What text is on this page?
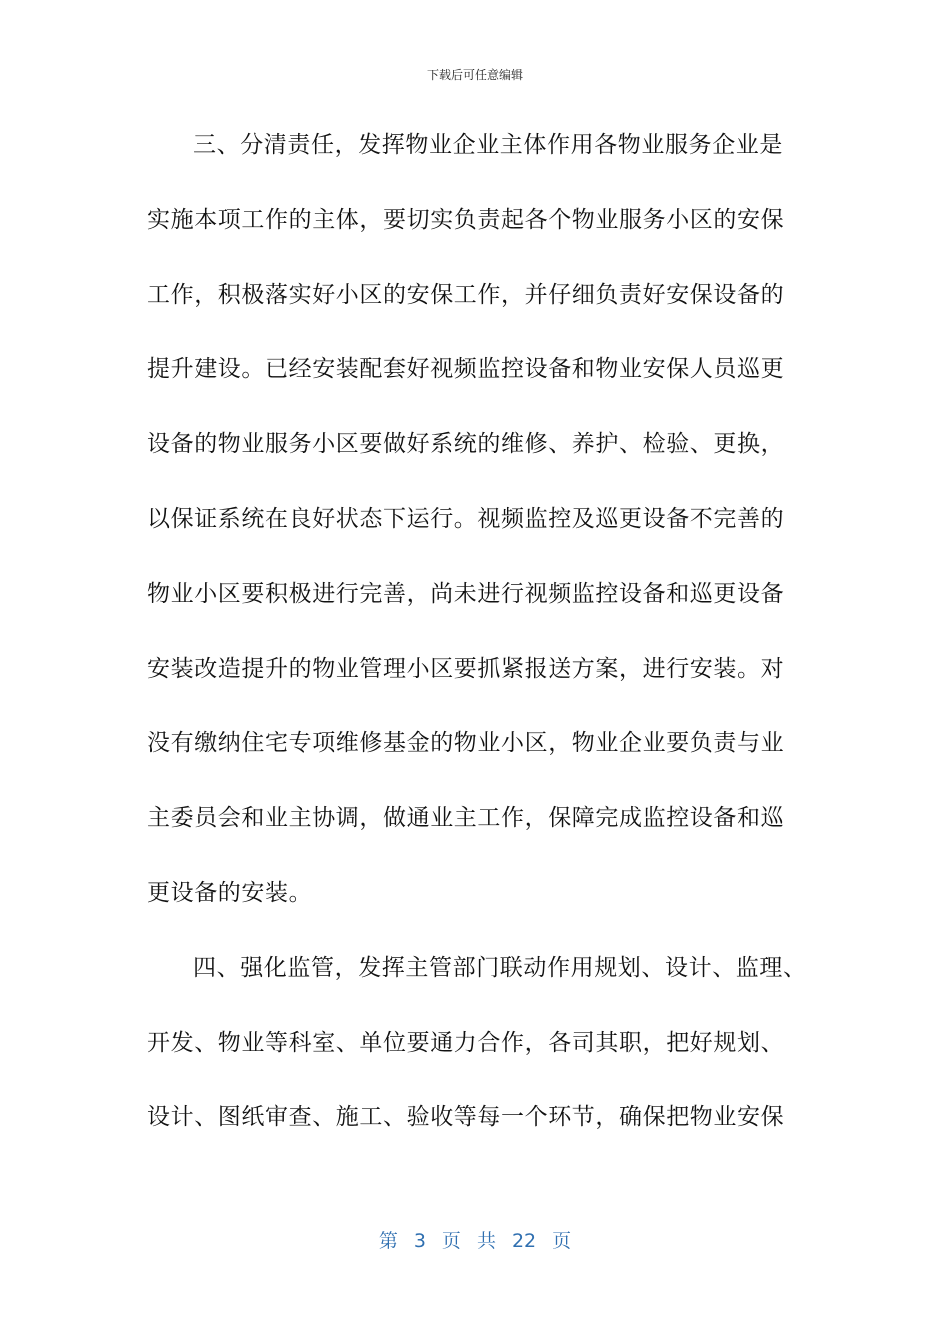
下载后可任意编辑

三、分清责任，发挥物业企业主体作用各物业服务企业是
实施本项工作的主体，要切实负责起各个物业服务小区的安保
工作，积极落实好小区的安保工作，并仔细负责好安保设备的
提升建设。已经安装配套好视频监控设备和物业安保人员巡更
设备的物业服务小区要做好系统的维修、养护、检验、更换，
以保证系统在良好状态下运行。视频监控及巡更设备不完善的
物业小区要积极进行完善，尚未进行视频监控设备和巡更设备
安装改造提升的物业管理小区要抓紧报送方案，进行安装。对
没有缴纳住宅专项维修基金的物业小区，物业企业要负责与业
主委员会和业主协调，做通业主工作，保障完成监控设备和巡
更设备的安装。

四、强化监管，发挥主管部门联动作用规划、设计、监理、
开发、物业等科室、单位要通力合作，各司其职，把好规划、
设计、图纸审查、施工、验收等每一个环节，确保把物业安保

第 3 页 共 22 页
